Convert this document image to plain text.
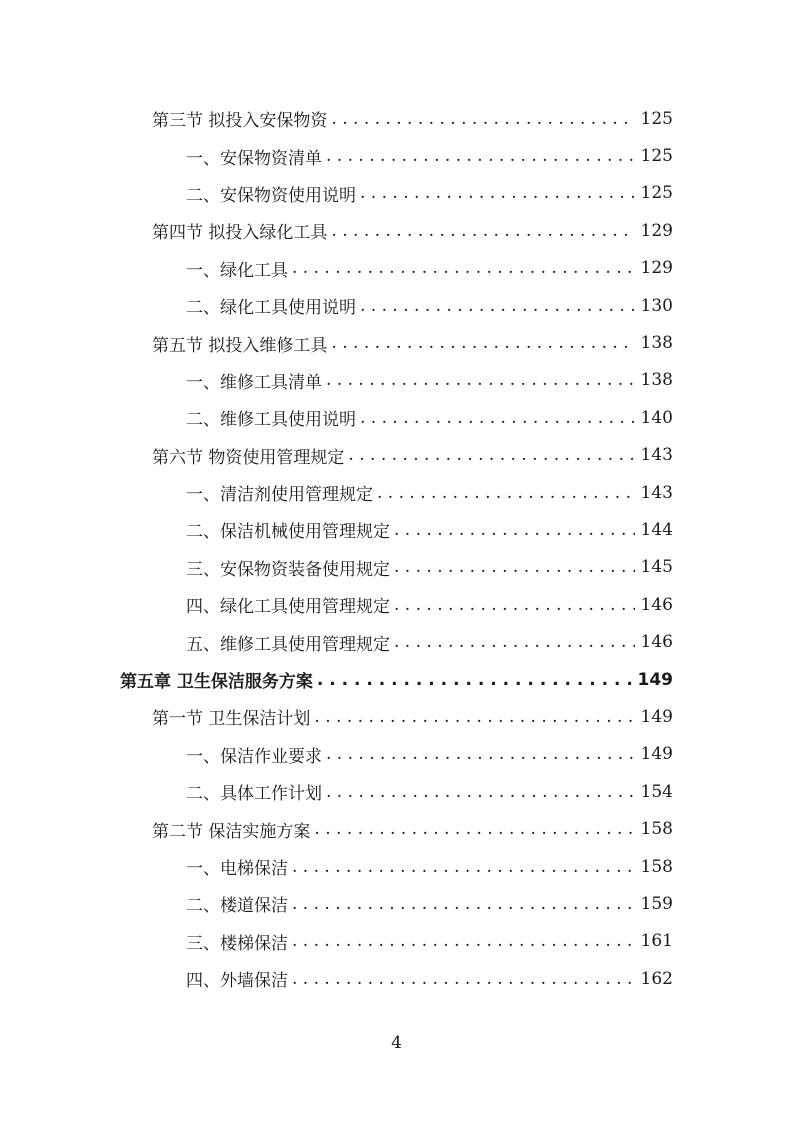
第三节 拟投入安保物资 . . .	125
一、安保物资清单 . . .	125
二、安保物资使用说明 . . .	125
第四节 拟投入绿化工具 . . .	129
一、绿化工具 . . .	129
二、绿化工具使用说明 . . .	130
第五节 拟投入维修工具 . . .	138
一、维修工具清单 . . .	138
二、维修工具使用说明 . . .	140
第六节 物资使用管理规定 . . .	143
一、清洁剂使用管理规定 . . .	143
二、保洁机械使用管理规定 . . .	144
三、安保物资装备使用规定 . . .	145
四、绿化工具使用管理规定 . . .	146
五、维修工具使用管理规定 . . .	146
第五章 卫生保洁服务方案 . . .	149
第一节 卫生保洁计划 . . .	149
一、保洁作业要求 . . .	149
二、具体工作计划 . . .	154
第二节 保洁实施方案 . . .	158
一、电梯保洁 . . .	158
二、楼道保洁 . . .	159
三、楼梯保洁 . . .	161
四、外墙保洁 . . .	162
4
